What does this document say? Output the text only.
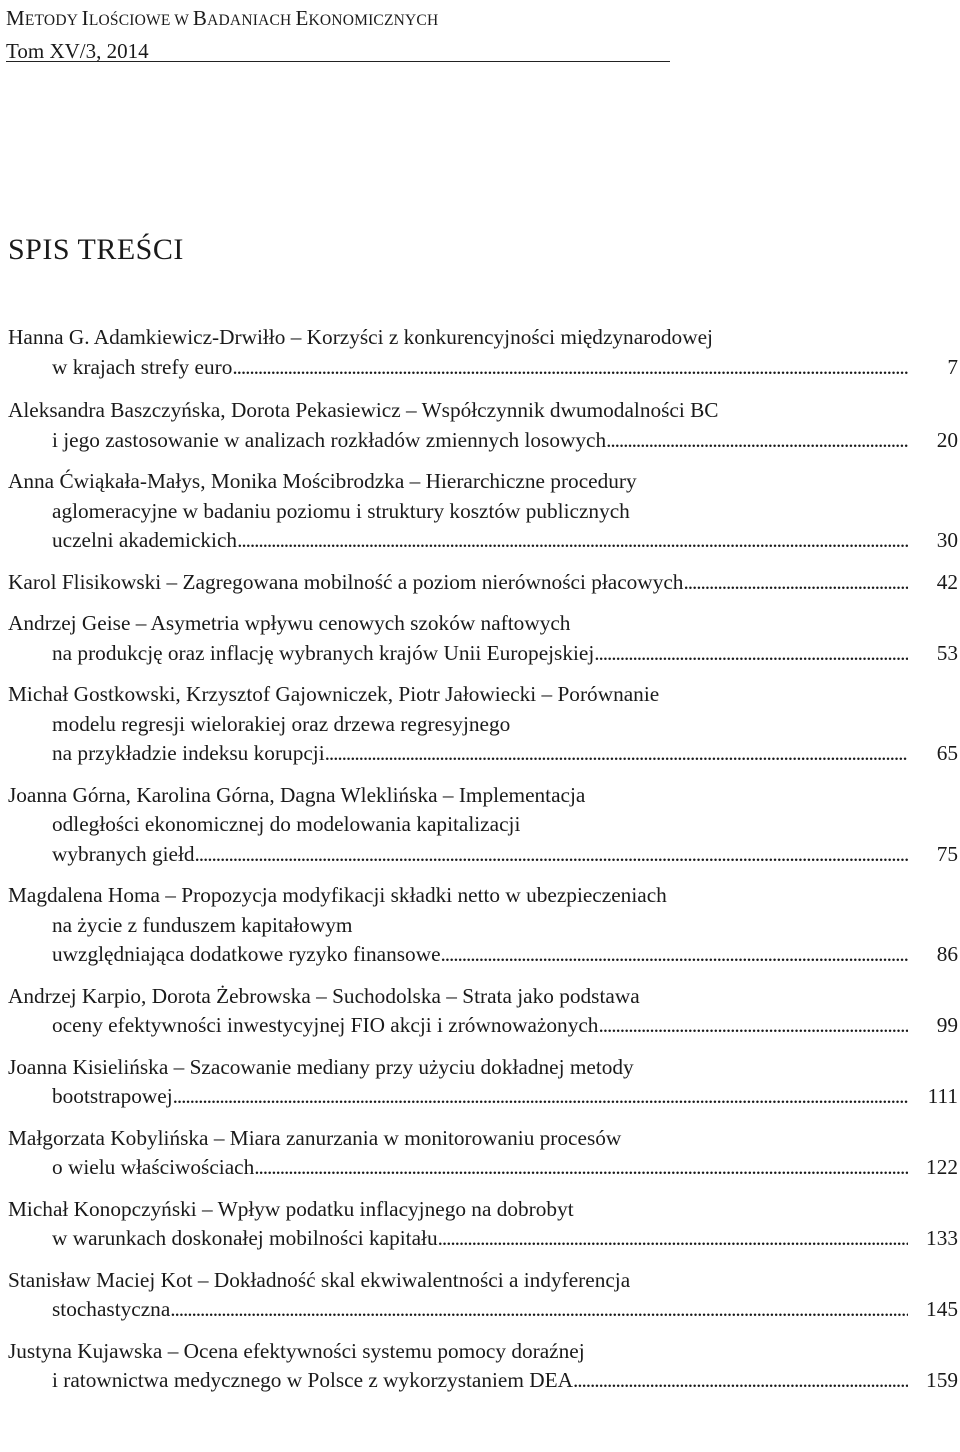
METODY ILOŚCIOWE W BADANIACH EKONOMICZNYCH
Tom XV/3, 2014
SPIS TREŚCI
Hanna G. Adamkiewicz-Drwiłło – Korzyści z konkurencyjności międzynarodowej
w krajach strefy euro . . .	7
Aleksandra Baszczyńska, Dorota Pekasiewicz – Współczynnik dwumodalności BC
i jego zastosowanie w analizach rozkładów zmiennych losowych . . .	20
Anna Ćwiąkała-Małys, Monika Mościbrodzka – Hierarchiczne procedury
aglomeracyjne w badaniu poziomu i struktury kosztów publicznych
uczelni akademickich . . .	30
Karol Flisikowski – Zagregowana mobilność a poziom nierówności płacowych . . .	42
Andrzej Geise – Asymetria wpływu cenowych szoków naftowych
na produkcję oraz inflację wybranych krajów Unii Europejskiej . . .	53
Michał Gostkowski, Krzysztof Gajowniczek, Piotr Jałowiecki – Porównanie
modelu regresji wielorakiej oraz drzewa regresyjnego
na przykładzie indeksu korupcji . . .	65
Joanna Górna, Karolina Górna, Dagna Wleklińska – Implementacja
odległości ekonomicznej do modelowania kapitalizacji
wybranych giełd . . .	75
Magdalena Homa – Propozycja modyfikacji składki netto w ubezpieczeniach
na życie z funduszem kapitałowym
uwzględniająca dodatkowe ryzyko finansowe . . .	86
Andrzej Karpio, Dorota Żebrowska – Suchodolska – Strata jako podstawa
oceny efektywności inwestycyjnej FIO akcji i zrównoważonych . . .	99
Joanna Kisielińska – Szacowanie mediany przy użyciu dokładnej metody
bootstrapowej . . .	111
Małgorzata Kobylińska – Miara zanurzania w monitorowaniu procesów
o wielu właściwościach . . .	122
Michał Konopczyński – Wpływ podatku inflacyjnego na dobrobyt
w warunkach doskonałej mobilności kapitału . . .	133
Stanisław Maciej Kot – Dokładność skal ekwiwalentności a indyferencja
stochastyczna . . .	145
Justyna Kujawska – Ocena efektywności systemu pomocy doraźnej
i ratownictwa medycznego w Polsce z wykorzystaniem DEA . . .	159
